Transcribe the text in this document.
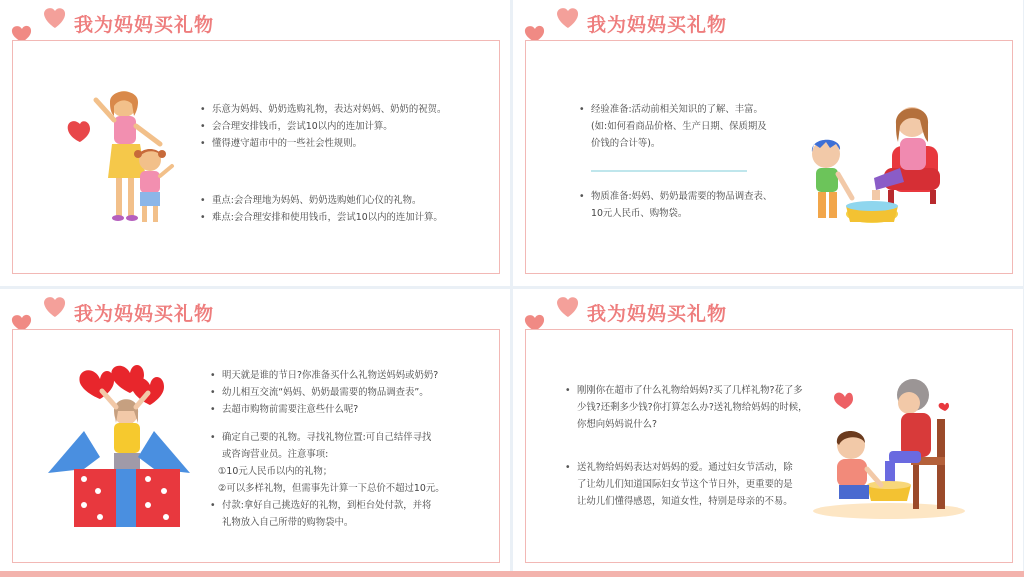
我为妈妈买礼物
• 乐意为妈妈、奶奶选购礼物，表达对妈妈、奶奶的祝贺。
• 会合理安排钱币，尝试10以内的连加计算。
• 懂得遵守超市中的一些社会性规则。
• 重点:会合理地为妈妈、奶奶选购她们心仪的礼物。
• 难点:会合理安排和使用钱币，尝试10以内的连加计算。
我为妈妈买礼物
• 经验准备:活动前相关知识的了解、丰富。
(如:如何看商品价格、生产日期、保质期及
价钱的合计等)。
• 物质准备:妈妈、奶奶最需要的物品调查表、
10元人民币、购物袋。
我为妈妈买礼物
• 明天就是谁的节日?你准备买什么礼物送妈妈或奶奶?
• 幼儿相互交流“妈妈、奶奶最需要的物品调查表”。
• 去超市购物前需要注意些什么呢?
• 确定自己要的礼物。寻找礼物位置:可自己结伴寻找
或咨询营业员。注意事项:
①10元人民币以内的礼物；
②可以多样礼物，但需事先计算一下总价不超过10元。
• 付款:拿好自己挑选好的礼物，到柜台处付款，并将
礼物放入自己所带的购物袋中。
我为妈妈买礼物
• 刚刚你在超市了什么礼物给妈妈?买了几样礼物?花了多
少钱?还剩多少钱?你打算怎么办?送礼物给妈妈的时候，
你想向妈妈说什么?
• 送礼物给妈妈表达对妈妈的爱。通过妇女节活动，除
了让幼儿们知道国际妇女节这个节日外，更重要的是
让幼儿们懂得感恩，知道女性，特别是母亲的不易。
